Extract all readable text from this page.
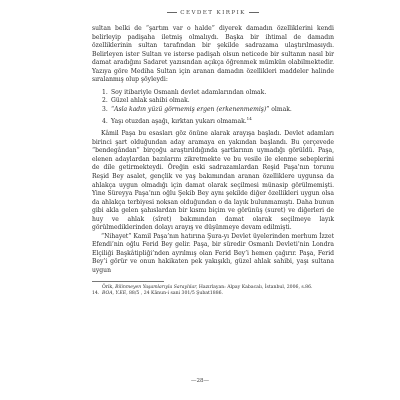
CEVDET KIRPIK

sultan belki de “şartım var o halde” diyerek damadın özelliklerini kendi belirleyip padişaha iletmiş olmalıydı. Başka bir ihtimal de damadın özelliklerinin sultan tarafından bir şekilde sadrazama ulaştırılmasıydı. Belirleyen ister Sultan ve isterse padişah olsun neticede bir sultanın nasıl bir damat aradığını Sadaret yazısından açıkça öğrenmek mümkün olabilmektedir. Yazıya göre Mediha Sultan için aranan damadın özellikleri maddeler halinde sıralanmış olup şöyleydi:

1. Soy itibariyle Osmanlı devlet adamlarından olmak.
2. Güzel ahlak sahibi olmak.
3. “Asla kadın yüzü görmemiş ergen (erkenenmemiş)” olmak.
4. Yaşı otuzdan aşağı, kırktan yukarı olmamak.$^{14}$

Kâmil Paşa bu esasları göz önüne alarak arayışa başladı. Devlet adamları birinci şart olduğundan aday aramaya en yakından başlandı. Bu çerçevede “bendegândan” birçoğu araştırıldığında şartlarının uymadığı görüldü. Paşa, elenen adaylardan bazılarını zikretmekte ve bu vesile ile elenme sebeplerini de dile getirmekteydi. Öreğin eski sadrazamlardan Reşid Paşa’nın torunu Reşid Bey asalet, gençlik ve yaş bakımından aranan özelliklere uygunsa da ahlakça uygun olmadığı için damat olarak seçilmesi münasip görülmemişti. Yine Süreyya Paşa’nın oğlu Şekib Bey aynı şekilde diğer özellikleri uygun olsa da ahlakça terbiyesi noksan olduğundan o da layık bulunmamıştı. Daha bunun gibi akla gelen şahıslardan bir kısmı biçim ve görünüş (suret) ve diğerleri de huy ve ahlak (sîret) bakımından damat olarak seçilmeye layık görülmediklerinden dolayı arayış ve düşünmeye devam edilmişti.

“Nihayet” Kamil Paşa’nın hatırına Şura-yı Devlet üyelerinden merhum İzzet Efendi’nin oğlu Ferid Bey gelir. Paşa, bir süredir Osmanlı Devleti’nin Londra Elçiliği Başkâtipliği’nden ayrılmış olan Ferid Bey’i hemen çağırır. Paşa, Ferid Bey’i görür ve onun hakikaten pek yakışıklı, güzel ahlak sahibi, yaşı sultana uygun

Örik, Bilinmeyen Yaşamlarıyla Saraylılar, Hazırlayan: Alpay Kabacalı, İstanbul, 2006, s.86.
14. BOA, Y.EE, 88/5 , 24 Kânun-i sani 301/5 Şubat1886.
—28—
